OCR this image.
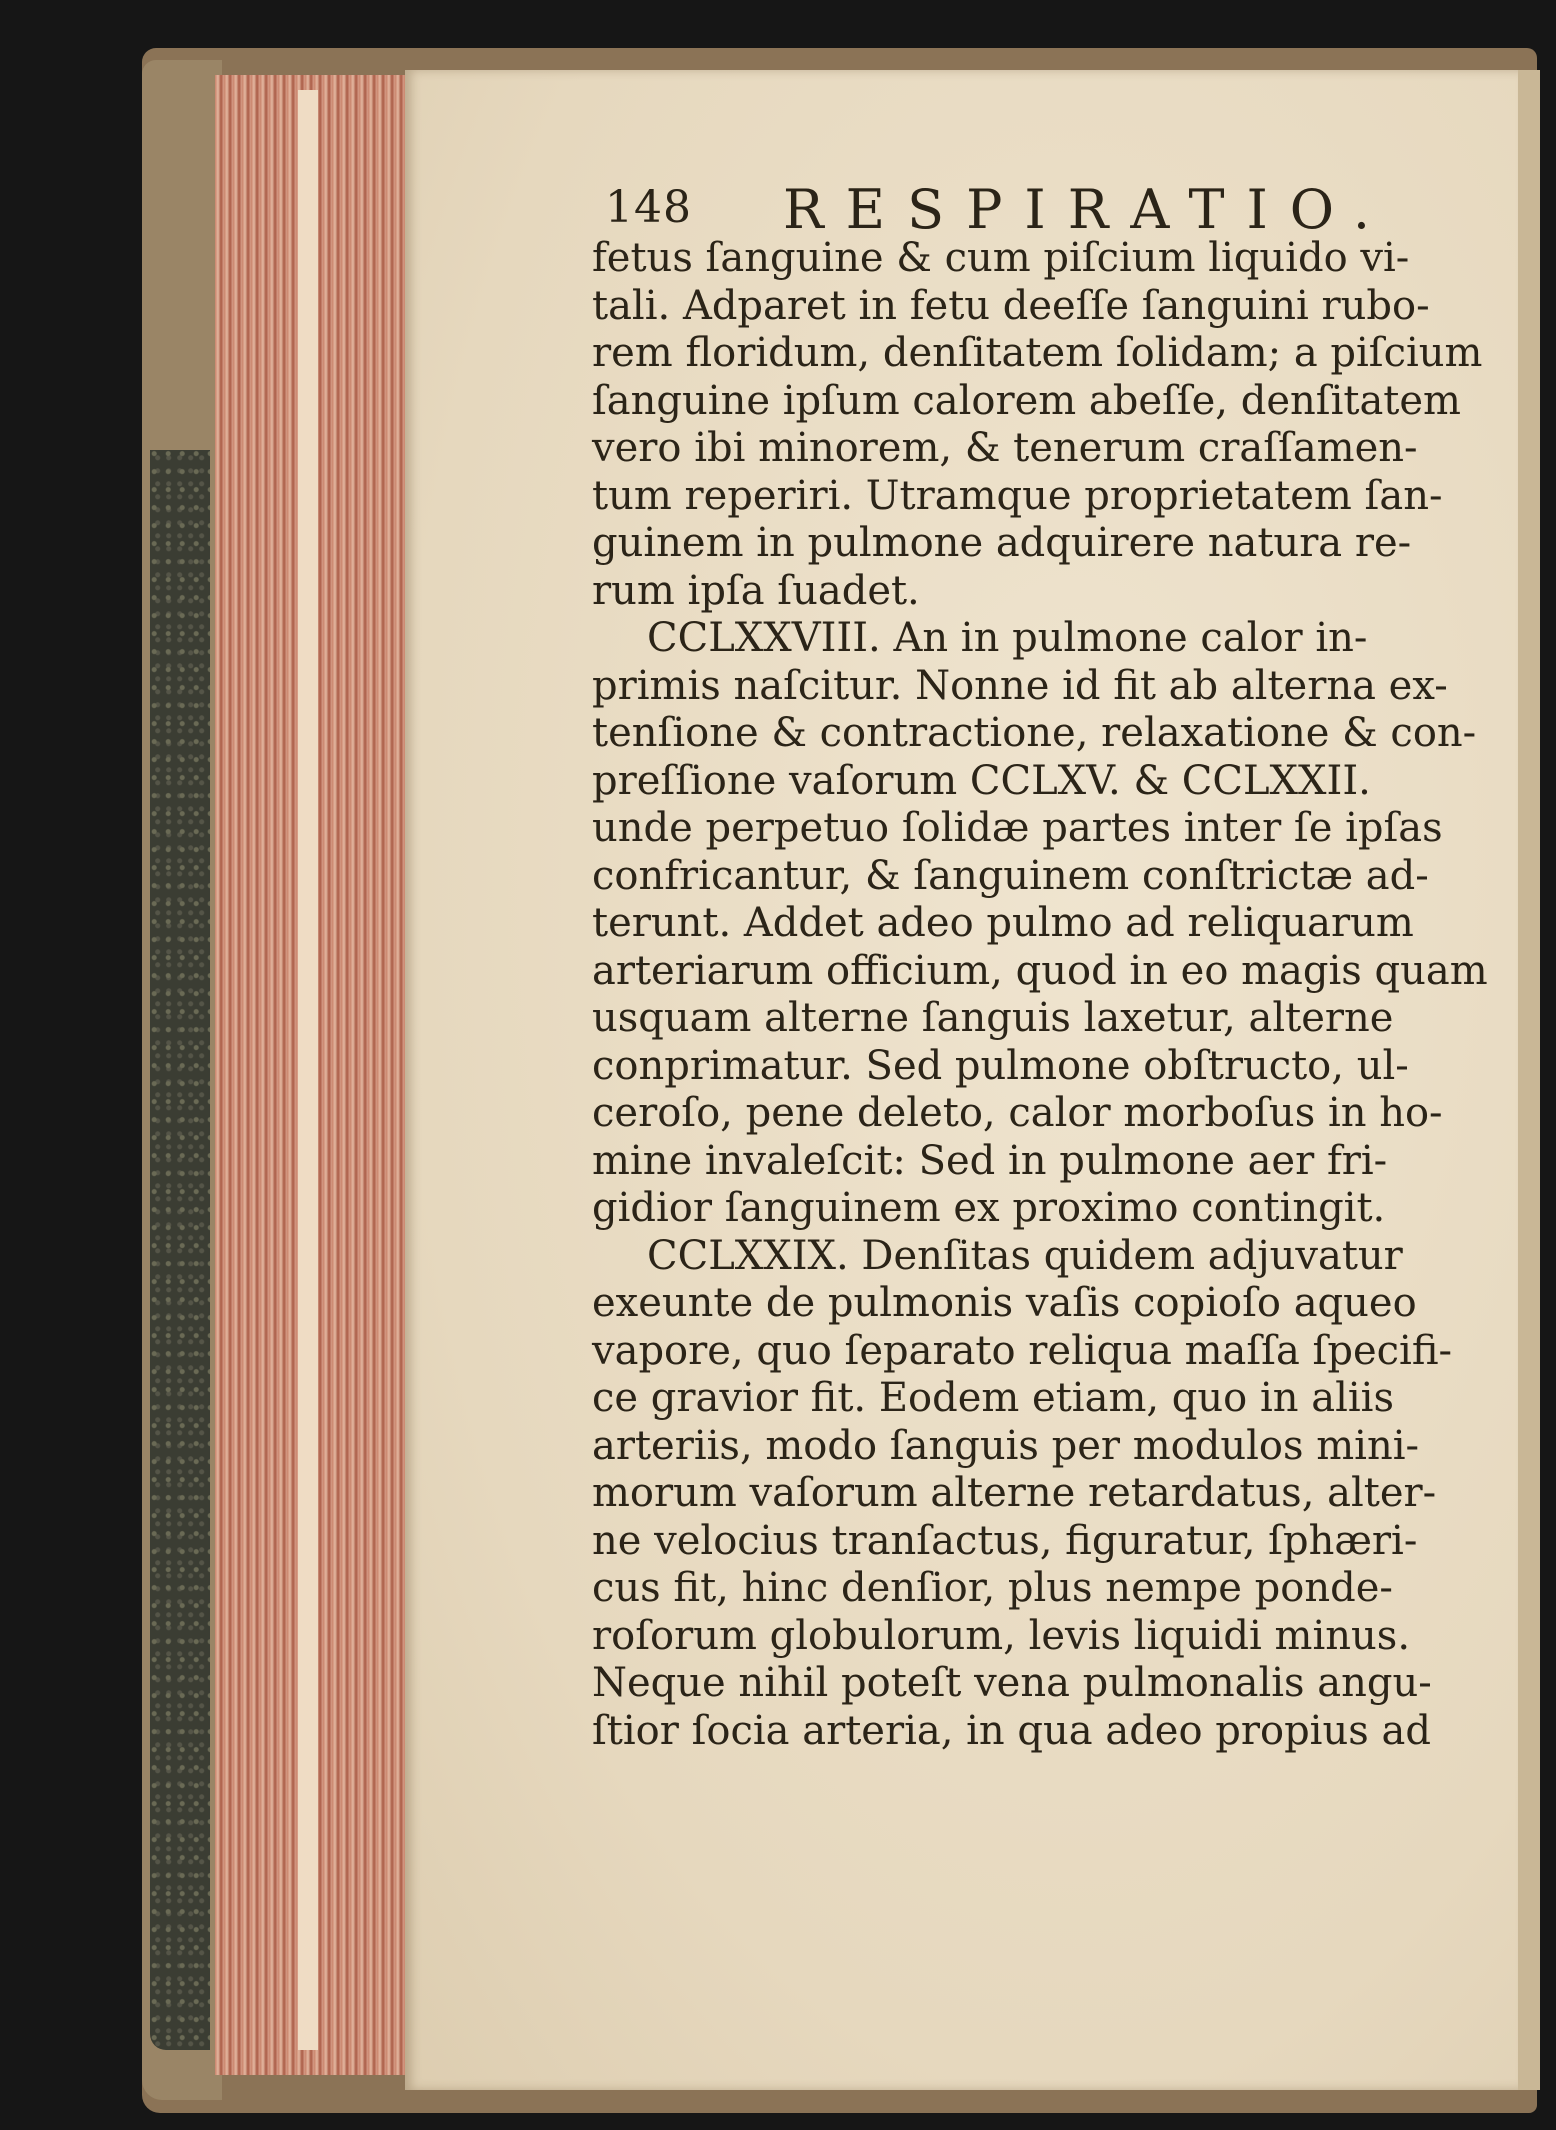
148 RESPIRATIO.
fetus ſanguine & cum piſcium liquido vi-
tali. Adparet in fetu deeſſe ſanguini rubo-
rem floridum, denſitatem ſolidam; a piſcium
ſanguine ipſum calorem abeſſe, denſitatem
vero ibi minorem, & tenerum craſſamen-
tum reperiri. Utramque proprietatem ſan-
guinem in pulmone adquirere natura re-
rum ipſa ſuadet.
CCLXXVIII. An in pulmone calor in-
primis naſcitur. Nonne id fit ab alterna ex-
tenſione & contractione, relaxatione & con-
preſſione vaſorum CCLXV. & CCLXXII.
unde perpetuo ſolidæ partes inter ſe ipſas
confricantur, & ſanguinem conſtrictæ ad-
terunt. Addet adeo pulmo ad reliquarum
arteriarum officium, quod in eo magis quam
usquam alterne ſanguis laxetur, alterne
conprimatur. Sed pulmone obſtructo, ul-
ceroſo, pene deleto, calor morboſus in ho-
mine invaleſcit: Sed in pulmone aer fri-
gidior ſanguinem ex proximo contingit.
CCLXXIX. Denſitas quidem adjuvatur
exeunte de pulmonis vaſis copioſo aqueo
vapore, quo ſeparato reliqua maſſa ſpecifi-
ce gravior fit. Eodem etiam, quo in aliis
arteriis, modo ſanguis per modulos mini-
morum vaſorum alterne retardatus, alter-
ne velocius tranſactus, figuratur, ſphæri-
cus fit, hinc denſior, plus nempe ponde-
roſorum globulorum, levis liquidi minus.
Neque nihil poteſt vena pulmonalis angu-
ſtior ſocia arteria, in qua adeo propius ad
